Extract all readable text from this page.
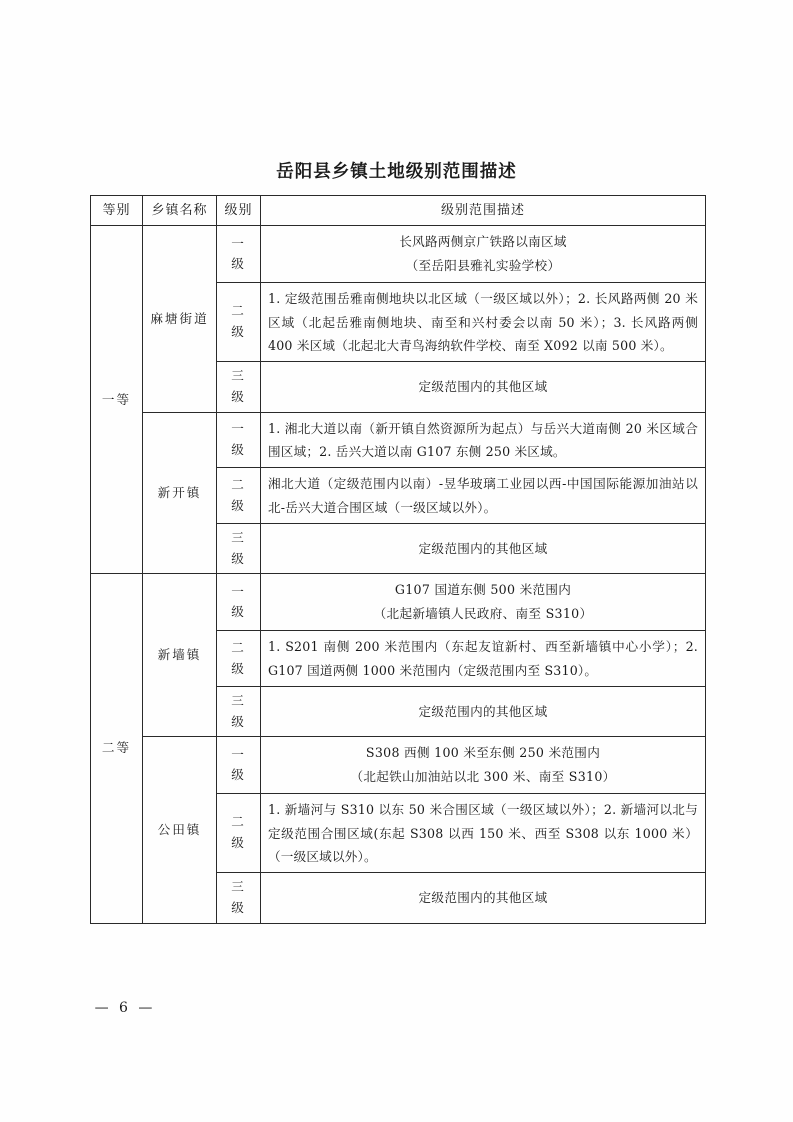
岳阳县乡镇土地级别范围描述
等别	乡镇名称	级别	级别范围描述
一等	麻塘街道	一级	长风路两侧京广铁路以南区域
（至岳阳县雅礼实验学校）

		二级	1. 定级范围岳雅南侧地块以北区域（一级区域以外）；2. 长风路两侧 20 米区域（北起岳雅南侧地块、南至和兴村委会以南 50 米）；3. 长风路两侧 400 米区域（北起北大青鸟海纳软件学校、南至 X092 以南 500 米）。

		三级	定级范围内的其他区域

	新开镇	一级	1. 湘北大道以南（新开镇自然资源所为起点）与岳兴大道南侧 20 米区域合围区域；2. 岳兴大道以南 G107 东侧 250 米区域。

		二级	湘北大道（定级范围内以南）-昱华玻璃工业园以西-中国国际能源加油站以北-岳兴大道合围区域（一级区域以外）。

		三级	定级范围内的其他区域

二等	新墙镇	一级	G107 国道东侧 500 米范围内
（北起新墙镇人民政府、南至 S310）

		二级	1. S201 南侧 200 米范围内（东起友谊新村、西至新墙镇中心小学）；2. G107 国道两侧 1000 米范围内（定级范围内至 S310）。

		三级	定级范围内的其他区域

	公田镇	一级	S308 西侧 100 米至东侧 250 米范围内
（北起铁山加油站以北 300 米、南至 S310）

		二级	1. 新墙河与 S310 以东 50 米合围区域（一级区域以外）；2. 新墙河以北与定级范围合围区域(东起 S308 以西 150 米、西至 S308 以东 1000 米）（一级区域以外）。

		三级	定级范围内的其他区域
— 6 —
